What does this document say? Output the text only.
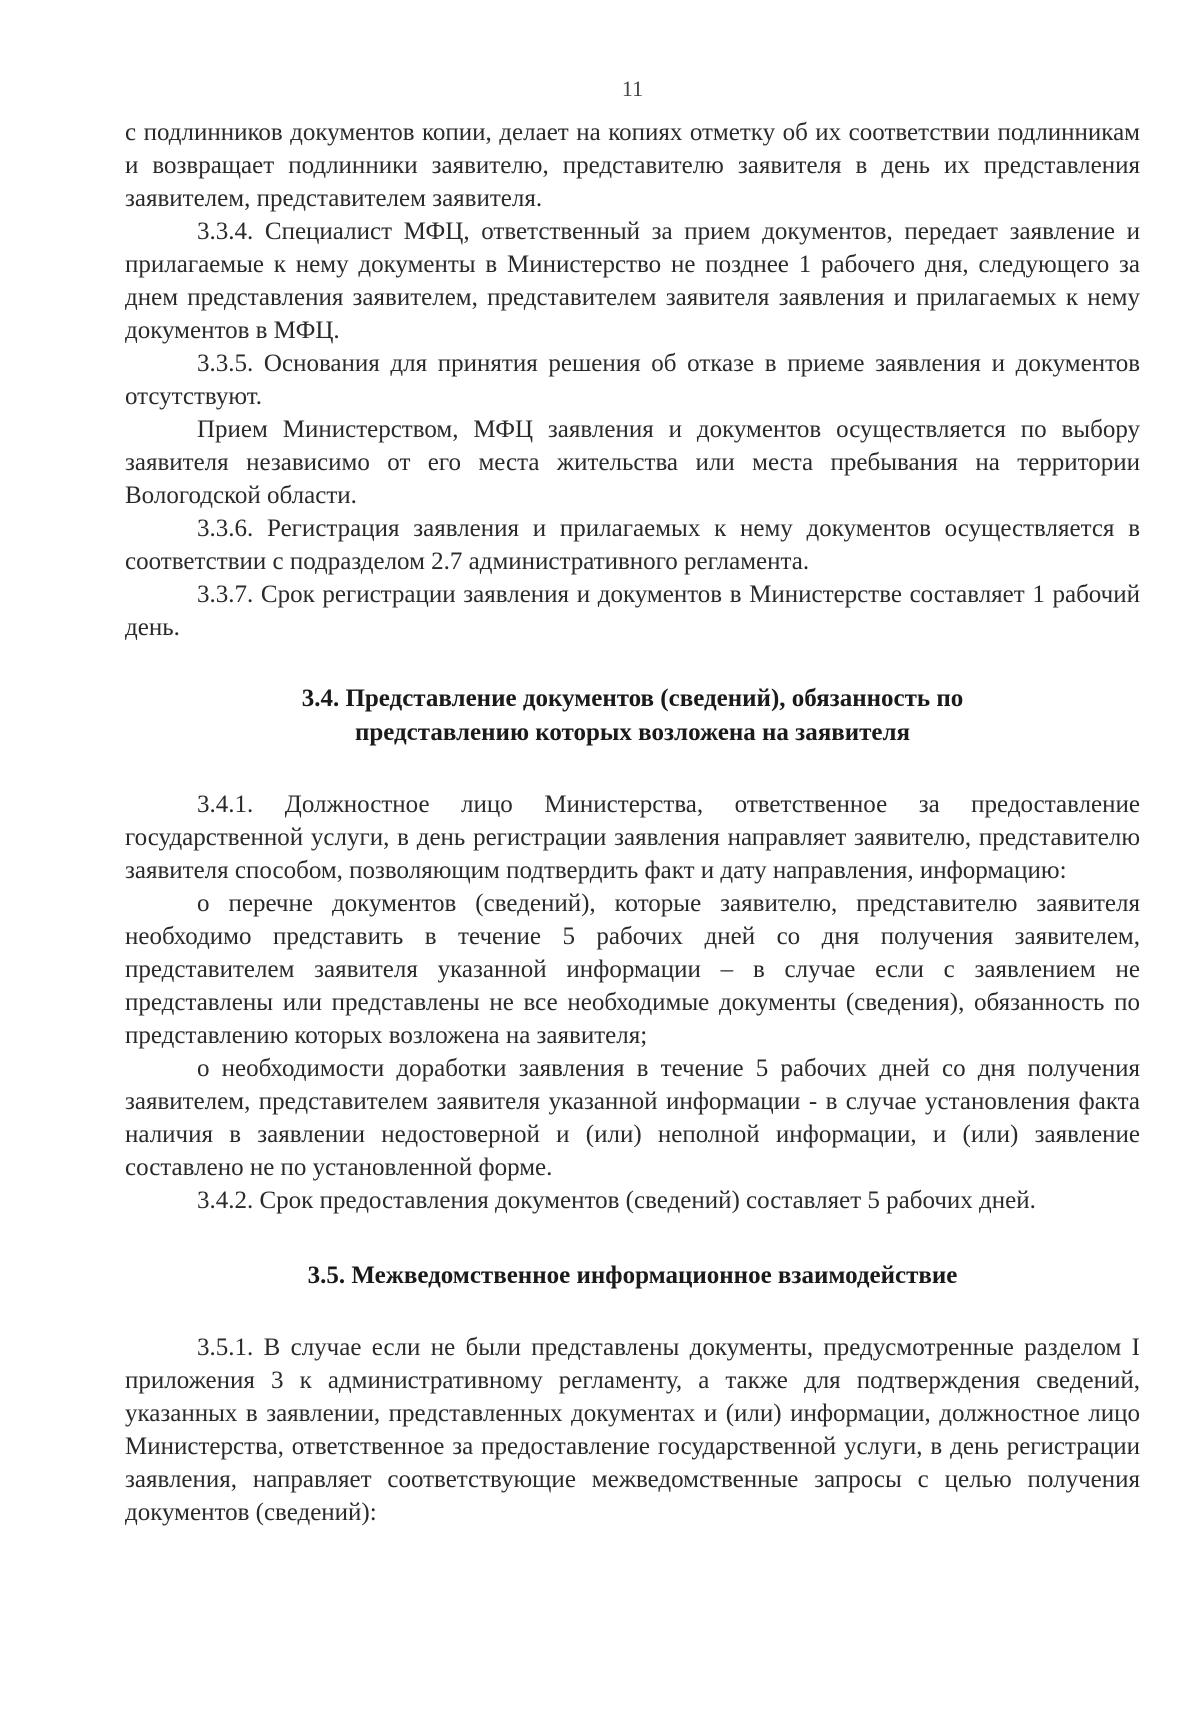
11

с подлинников документов копии, делает на копиях отметку об их соответствии подлинникам и возвращает подлинники заявителю, представителю заявителя в день их представления заявителем, представителем заявителя.

3.3.4. Специалист МФЦ, ответственный за прием документов, передает заявление и прилагаемые к нему документы в Министерство не позднее 1 рабочего дня, следующего за днем представления заявителем, представителем заявителя заявления и прилагаемых к нему документов в МФЦ.

3.3.5. Основания для принятия решения об отказе в приеме заявления и документов отсутствуют.

Прием Министерством, МФЦ заявления и документов осуществляется по выбору заявителя независимо от его места жительства или места пребывания на территории Вологодской области.

3.3.6. Регистрация заявления и прилагаемых к нему документов осуществляется в соответствии с подразделом 2.7 административного регламента.

3.3.7. Срок регистрации заявления и документов в Министерстве составляет 1 рабочий день.

3.4. Представление документов (сведений), обязанность по
представлению которых возложена на заявителя

3.4.1. Должностное лицо Министерства, ответственное за предоставление государственной услуги, в день регистрации заявления направляет заявителю, представителю заявителя способом, позволяющим подтвердить факт и дату направления, информацию:

о перечне документов (сведений), которые заявителю, представителю заявителя необходимо представить в течение 5 рабочих дней со дня получения заявителем, представителем заявителя указанной информации – в случае если с заявлением не представлены или представлены не все необходимые документы (сведения), обязанность по представлению которых возложена на заявителя;

о необходимости доработки заявления в течение 5 рабочих дней со дня получения заявителем, представителем заявителя указанной информации - в случае установления факта наличия в заявлении недостоверной и (или) неполной информации, и (или) заявление составлено не по установленной форме.

3.4.2. Срок предоставления документов (сведений) составляет 5 рабочих дней.

3.5. Межведомственное информационное взаимодействие

3.5.1. В случае если не были представлены документы, предусмотренные разделом I приложения 3 к административному регламенту, а также для подтверждения сведений, указанных в заявлении, представленных документах и (или) информации, должностное лицо Министерства, ответственное за предоставление государственной услуги, в день регистрации заявления, направляет соответствующие межведомственные запросы с целью получения документов (сведений):
